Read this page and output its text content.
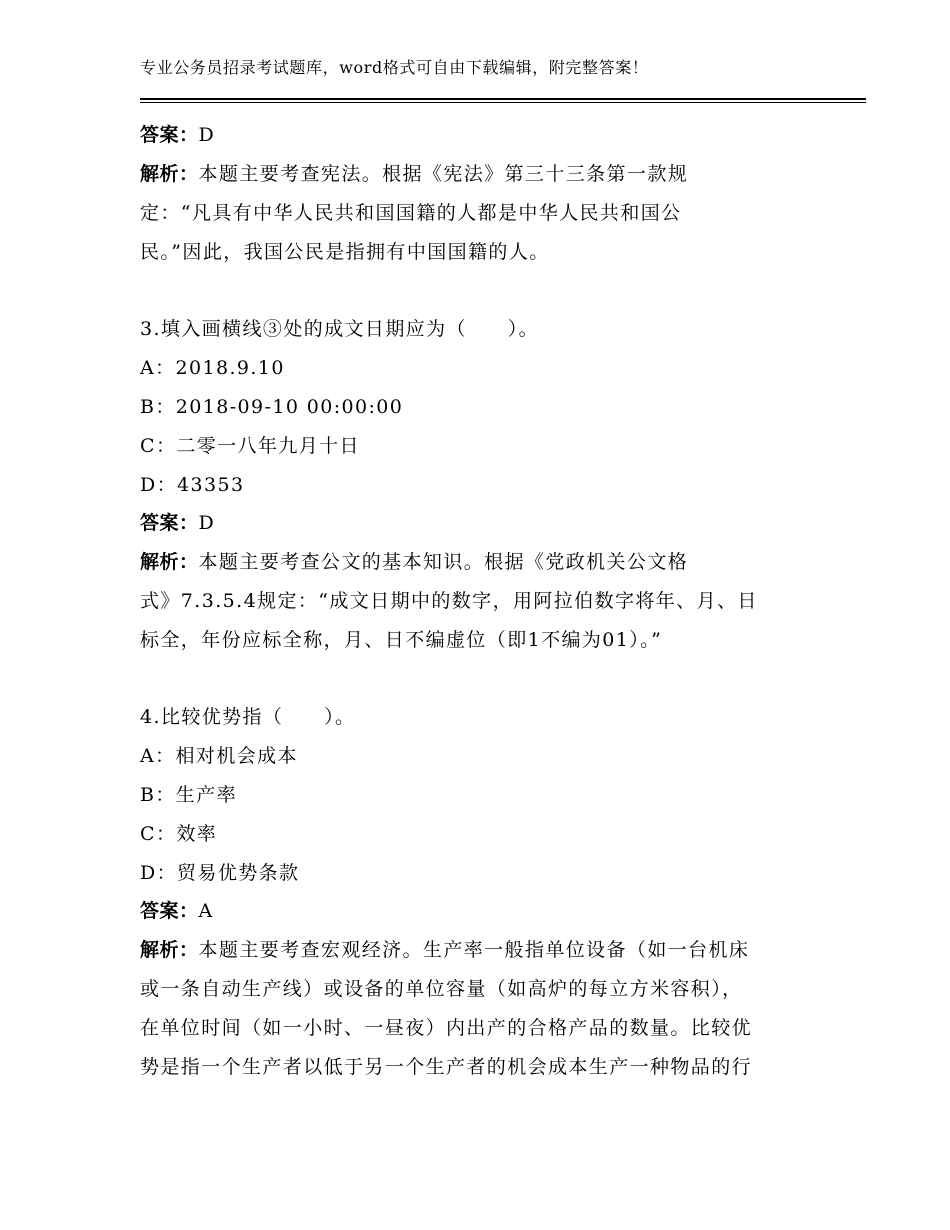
专业公务员招录考试题库，word格式可自由下载编辑，附完整答案！
答案：D
解析：本题主要考查宪法。根据《宪法》第三十三条第一款规
定：“凡具有中华人民共和国国籍的人都是中华人民共和国公
民。”因此，我国公民是指拥有中国国籍的人。
3.填入画横线③处的成文日期应为（　　）。
A：2018.9.10
B：2018-09-10 00:00:00
C：二零一八年九月十日
D：43353
答案：D
解析：本题主要考查公文的基本知识。根据《党政机关公文格
式》7.3.5.4规定：“成文日期中的数字，用阿拉伯数字将年、月、日
标全，年份应标全称，月、日不编虚位（即1不编为01）。”
4.比较优势指（　　）。
A：相对机会成本
B：生产率
C：效率
D：贸易优势条款
答案：A
解析：本题主要考查宏观经济。生产率一般指单位设备（如一台机床
或一条自动生产线）或设备的单位容量（如高炉的每立方米容积），
在单位时间（如一小时、一昼夜）内出产的合格产品的数量。比较优
势是指一个生产者以低于另一个生产者的机会成本生产一种物品的行
